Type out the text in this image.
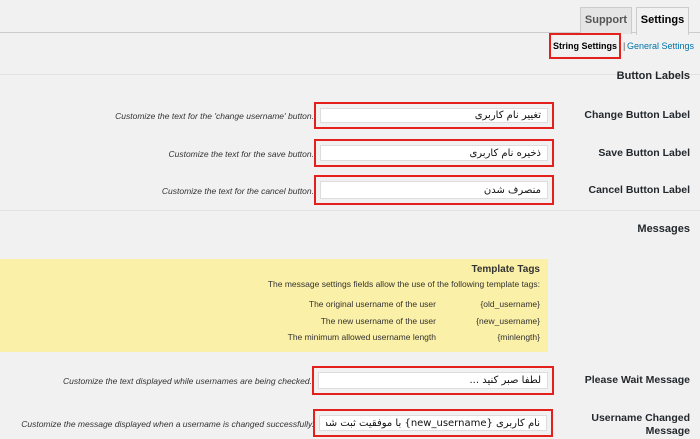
Support	Settings
String Settings | General Settings
Button Labels
Change Button Label
تغییر نام کاربری
Customize the text for the 'change username' button.
Save Button Label
ذخیره نام کاربری
Customize the text for the save button.
Cancel Button Label
منصرف شدن
Customize the text for the cancel button.
Messages
Template Tags
The message settings fields allow the use of the following template tags:
{old_username}
The original username of the user
{new_username}
The new username of the user
{minlength}
The minimum allowed username length
Please Wait Message
لطفا صبر کنید ...
Customize the text displayed while usernames are being checked.
Username Changed Message
نام کاربری {new_username} با موفقیت ثبت شد .
Customize the message displayed when a username is changed successfully.
